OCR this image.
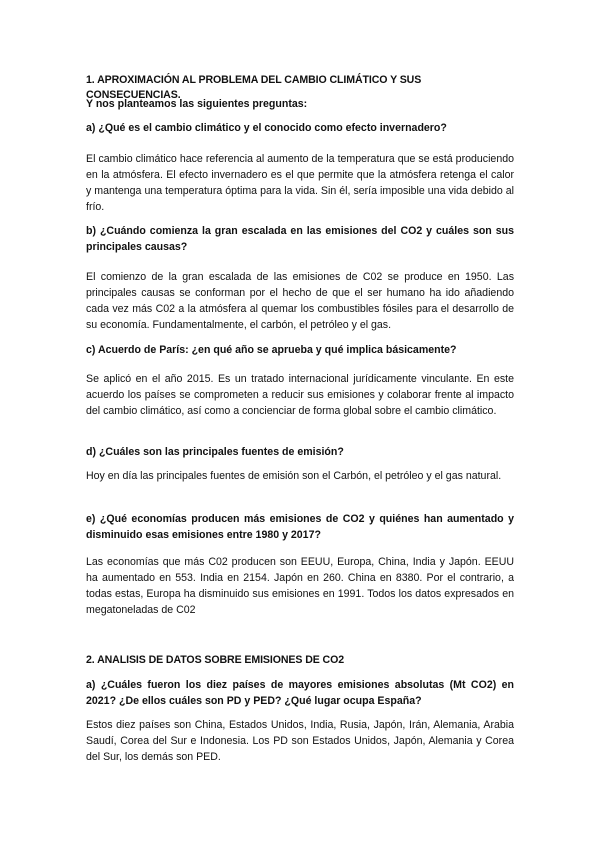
1. APROXIMACIÓN AL PROBLEMA DEL CAMBIO CLIMÁTICO Y SUS CONSECUENCIAS.

Y nos planteamos las siguientes preguntas:

a) ¿Qué es el cambio climático y el conocido como efecto invernadero?

El cambio climático hace referencia al aumento de la temperatura que se está produciendo en la atmósfera. El efecto invernadero es el que permite que la atmósfera retenga el calor y mantenga una temperatura óptima para la vida. Sin él, sería imposible una vida debido al frío.

b) ¿Cuándo comienza la gran escalada en las emisiones del CO2 y cuáles son sus principales causas?

El comienzo de la gran escalada de las emisiones de C02 se produce en 1950. Las principales causas se conforman por el hecho de que el ser humano ha ido añadiendo cada vez más C02 a la atmósfera al quemar los combustibles fósiles para el desarrollo de su economía. Fundamentalmente, el carbón, el petróleo y el gas.

c) Acuerdo de París: ¿en qué año se aprueba y qué implica básicamente?

Se aplicó en el año 2015. Es un tratado internacional jurídicamente vinculante. En este acuerdo los países se comprometen a reducir sus emisiones y colaborar frente al impacto del cambio climático, así como a concienciar de forma global sobre el cambio climático.

d) ¿Cuáles son las principales fuentes de emisión?

Hoy en día las principales fuentes de emisión son el Carbón, el petróleo y el gas natural.

e) ¿Qué economías producen más emisiones de CO2 y quiénes han aumentado y disminuido esas emisiones entre 1980 y 2017?

Las economías que más C02 producen son EEUU, Europa, China, India y Japón. EEUU ha aumentado en 553. India en 2154. Japón en 260. China en 8380. Por el contrario, a todas estas, Europa ha disminuido sus emisiones en 1991. Todos los datos expresados en megatoneladas de C02

2. ANALISIS DE DATOS SOBRE EMISIONES DE CO2

a) ¿Cuáles fueron los diez países de mayores emisiones absolutas (Mt CO2) en 2021? ¿De ellos cuáles son PD y PED? ¿Qué lugar ocupa España?

Estos diez países son China, Estados Unidos, India, Rusia, Japón, Irán, Alemania, Arabia Saudí, Corea del Sur e Indonesia. Los PD son Estados Unidos, Japón, Alemania y Corea del Sur, los demás son PED.
